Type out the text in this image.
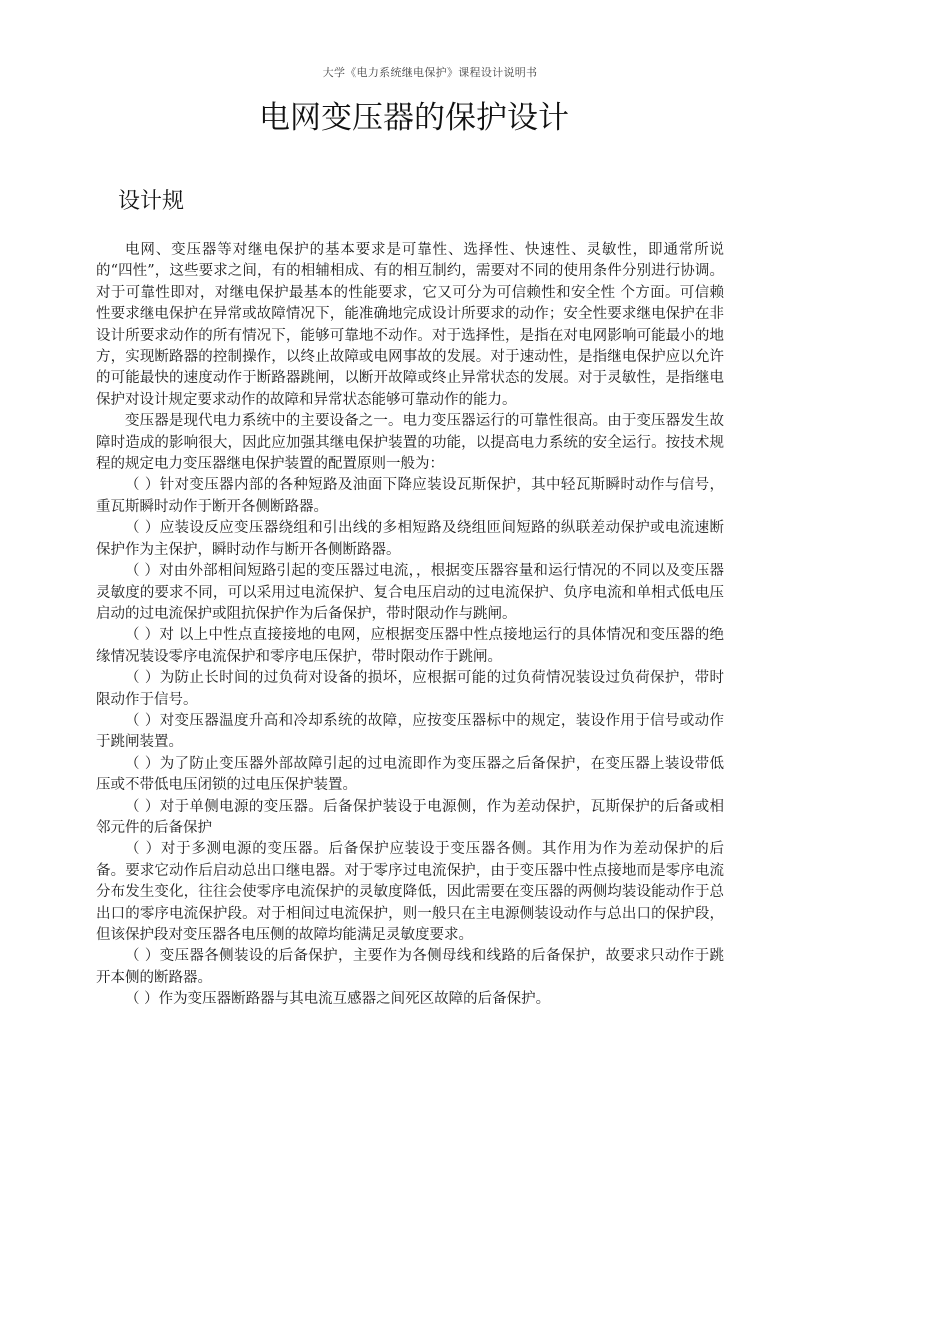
大学《电力系统继电保护》课程设计说明书
电网变压器的保护设计
设计规

电网、变压器等对继电保护的基本要求是可靠性、选择性、快速性、灵敏性，即通常所说的“四性”，这些要求之间，有的相辅相成、有的相互制约，需要对不同的使用条件分别进行协调。对于可靠性即对，对继电保护最基本的性能要求，它又可分为可信赖性和安全性 个方面。可信赖性要求继电保护在异常或故障情况下，能准确地完成设计所要求的动作；安全性要求继电保护在非设计所要求动作的所有情况下，能够可靠地不动作。对于选择性，是指在对电网影响可能最小的地方，实现断路器的控制操作，以终止故障或电网事故的发展。对于速动性，是指继电保护应以允许的可能最快的速度动作于断路器跳闸，以断开故障或终止异常状态的发展。对于灵敏性，是指继电保护对设计规定要求动作的故障和异常状态能够可靠动作的能力。

变压器是现代电力系统中的主要设备之一。电力变压器运行的可靠性很高。由于变压器发生故障时造成的影响很大，因此应加强其继电保护装置的功能，以提高电力系统的安全运行。按技术规程的规定电力变压器继电保护装置的配置原则一般为：

（ ）针对变压器内部的各种短路及油面下降应装设瓦斯保护，其中轻瓦斯瞬时动作与信号，重瓦斯瞬时动作于断开各侧断路器。

（ ）应装设反应变压器绕组和引出线的多相短路及绕组匝间短路的纵联差动保护或电流速断保护作为主保护，瞬时动作与断开各侧断路器。

（ ）对由外部相间短路引起的变压器过电流，，根据变压器容量和运行情况的不同以及变压器灵敏度的要求不同，可以采用过电流保护、复合电压启动的过电流保护、负序电流和单相式低电压启动的过电流保护或阻抗保护作为后备保护，带时限动作与跳闸。

（ ）对 以上中性点直接接地的电网，应根据变压器中性点接地运行的具体情况和变压器的绝缘情况装设零序电流保护和零序电压保护，带时限动作于跳闸。

（ ）为防止长时间的过负荷对设备的损坏，应根据可能的过负荷情况装设过负荷保护，带时限动作于信号。

（ ）对变压器温度升高和冷却系统的故障，应按变压器标中的规定，装设作用于信号或动作于跳闸装置。

（ ）为了防止变压器外部故障引起的过电流即作为变压器之后备保护，在变压器上装设带低压或不带低电压闭锁的过电压保护装置。

（ ）对于单侧电源的变压器。后备保护装设于电源侧，作为差动保护，瓦斯保护的后备或相邻元件的后备保护

（ ）对于多测电源的变压器。后备保护应装设于变压器各侧。其作用为作为差动保护的后备。要求它动作后启动总出口继电器。对于零序过电流保护，由于变压器中性点接地而是零序电流分布发生变化，往往会使零序电流保护的灵敏度降低，因此需要在变压器的两侧均装设能动作于总出口的零序电流保护段。对于相间过电流保护，则一般只在主电源侧装设动作与总出口的保护段，但该保护段对变压器各电压侧的故障均能满足灵敏度要求。

（ ）变压器各侧装设的后备保护，主要作为各侧母线和线路的后备保护，故要求只动作于跳开本侧的断路器。

（ ）作为变压器断路器与其电流互感器之间死区故障的后备保护。
